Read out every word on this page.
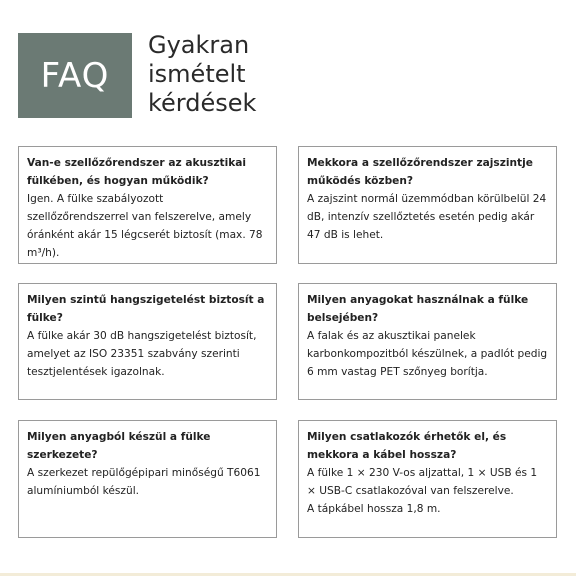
FAQ
Gyakran
ismételt
kérdések

Van-e szellőzőrendszer az akusztikai fülkében, és hogyan működik?

Igen. A fülke szabályozott szellőzőrendszerrel van felszerelve, amely óránként akár 15 légcserét biztosít (max. 78 m³/h).

Mekkora a szellőzőrendszer zajszintje működés közben?

A zajszint normál üzemmódban körülbelül 24 dB, intenzív szellőztetés esetén pedig akár 47 dB is lehet.

Milyen szintű hangszigetelést biztosít a fülke?

A fülke akár 30 dB hangszigetelést biztosít, amelyet az ISO 23351 szabvány szerinti tesztjelentések igazolnak.

Milyen anyagokat használnak a fülke belsejében?

A falak és az akusztikai panelek karbonkompozitból készülnek, a padlót pedig 6 mm vastag PET szőnyeg borítja.

Milyen anyagból készül a fülke szerkezete?

A szerkezet repülőgépipari minőségű T6061 alumíniumból készül.

Milyen csatlakozók érhetők el, és mekkora a kábel hossza?

A fülke 1 × 230 V-os aljzattal, 1 × USB és 1 × USB-C csatlakozóval van felszerelve.

A tápkábel hossza 1,8 m.
